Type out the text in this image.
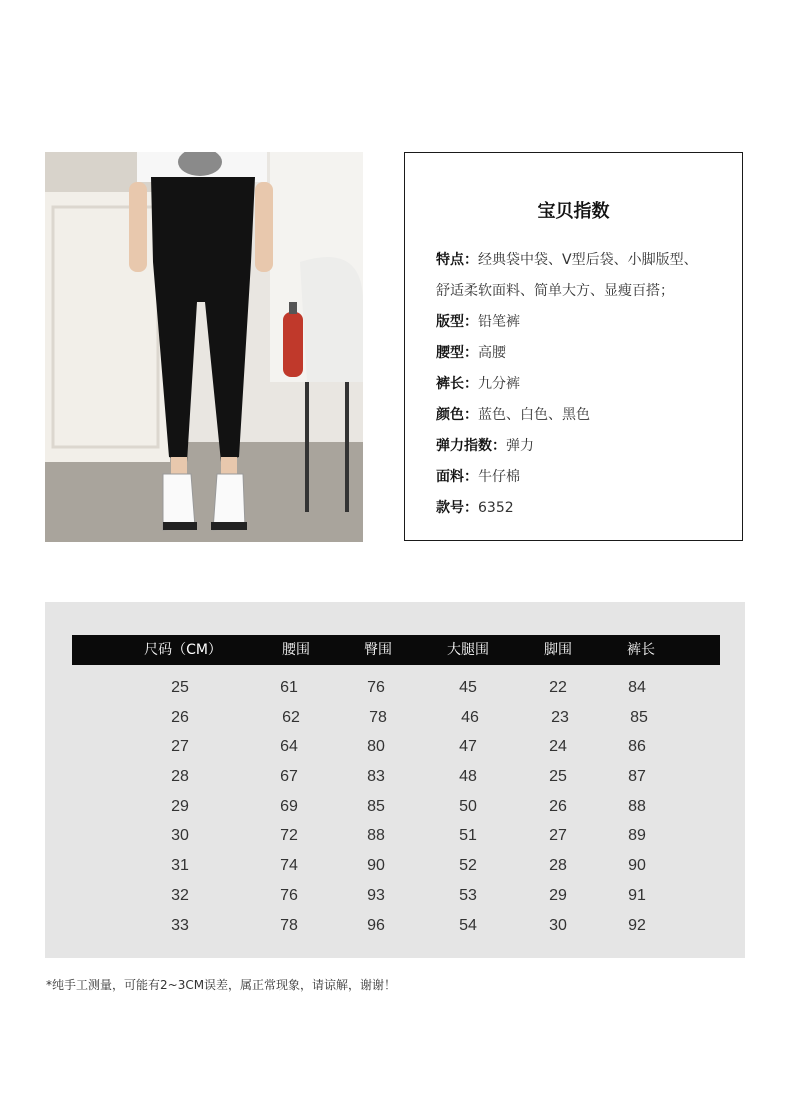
宝贝指数
特点：经典袋中袋、V型后袋、小脚版型、
舒适柔软面料、简单大方、显瘦百搭；
版型：铅笔裤
腰型：高腰
裤长：九分裤
颜色：蓝色、白色、黑色
弹力指数：弹力
面料：牛仔棉
款号：6352
尺码（CM）	腰围	臀围	大腿围	脚围	裤长
25	61	76	45	22	84
26	62	78	46	23	85
27	64	80	47	24	86
28	67	83	48	25	87
29	69	85	50	26	88
30	72	88	51	27	89
31	74	90	52	28	90
32	76	93	53	29	91
33	78	96	54	30	92
*纯手工测量，可能有2~3CM误差，属正常现象，请谅解，谢谢！
